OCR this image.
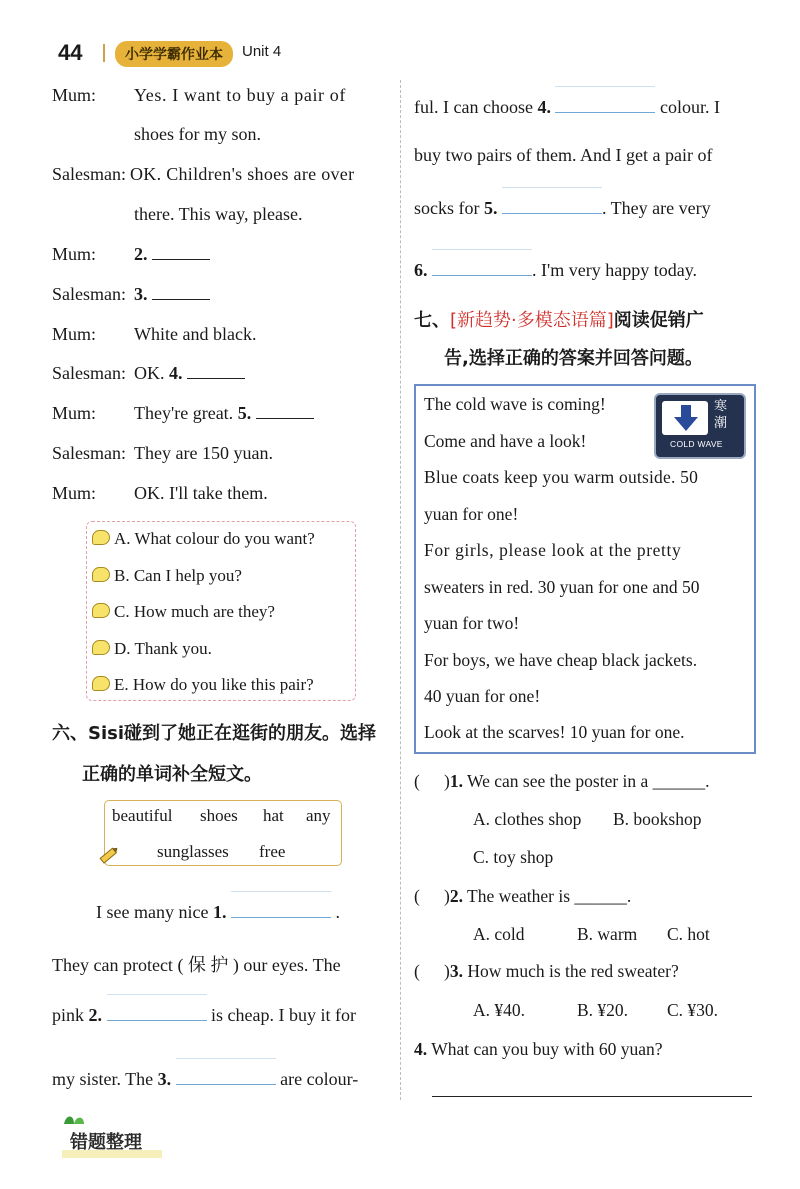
44	小学学霸作业本	Unit 4
Mum: Yes. I want to buy a pair of
shoes for my son.
Salesman: OK. Children's shoes are over
there. This way, please.
Mum: 2.
Salesman: 3.
Mum: White and black.
Salesman: OK. 4.
Mum: They're great. 5.
Salesman: They are 150 yuan.
Mum: OK. I'll take them.
A. What colour do you want?
B. Can I help you?
C. How much are they?
D. Thank you.
E. How do you like this pair?
六、Sisi碰到了她正在逛街的朋友。选择
正确的单词补全短文。
beautiful shoes hat any
sunglasses free
I see many nice 1.	.
They can protect ( 保 护 ) our eyes. The
pink 2.	is cheap. I buy it for
my sister. The 3.	are colour-
ful. I can choose 4.	colour. I
buy two pairs of them. And I get a pair of
socks for 5.	. They are very
6.	. I'm very happy today.
七、[新趋势·多模态语篇]阅读促销广
告,选择正确的答案并回答问题。
The cold wave is coming!
Come and have a look!
Blue coats keep you warm outside. 50
yuan for one!
For girls, please look at the pretty
sweaters in red. 30 yuan for one and 50
yuan for two!
For boys, we have cheap black jackets.
40 yuan for one!
Look at the scarves! 10 yuan for one.
4℃	寒
潮
COLD WAVE
( )1. We can see the poster in a ______.
A. clothes shop B. bookshop
C. toy shop
( )2. The weather is ______.
A. cold	B. warm C. hot
( )3. How much is the red sweater?
A. ¥40.	B. ¥20. C. ¥30.
4. What can you buy with 60 yuan?
错题整理
